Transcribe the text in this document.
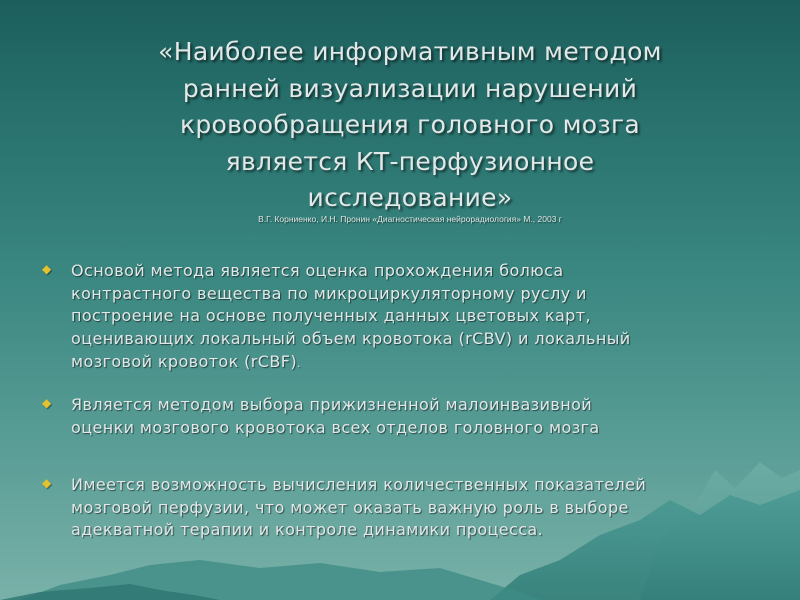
«Наиболее информативным методом
ранней визуализации нарушений
кровообращения головного мозга
является КТ-перфузионное
исследование»
В.Г. Корниенко, И.Н. Пронин «Диагностическая нейрорадиология» М., 2003 г
◆ Основой метода является оценка прохождения болюса
контрастного вещества по микроциркуляторному руслу и
построение на основе полученных данных цветовых карт,
оценивающих локальный объем кровотока (rCBV) и локальный
мозговой кровоток (rCBF).
◆ Является методом выбора прижизненной малоинвазивной
оценки мозгового кровотока всех отделов головного мозга
◆ Имеется возможность вычисления количественных показателей
мозговой перфузии, что может оказать важную роль в выборе
адекватной терапии и контроле динамики процесса.
